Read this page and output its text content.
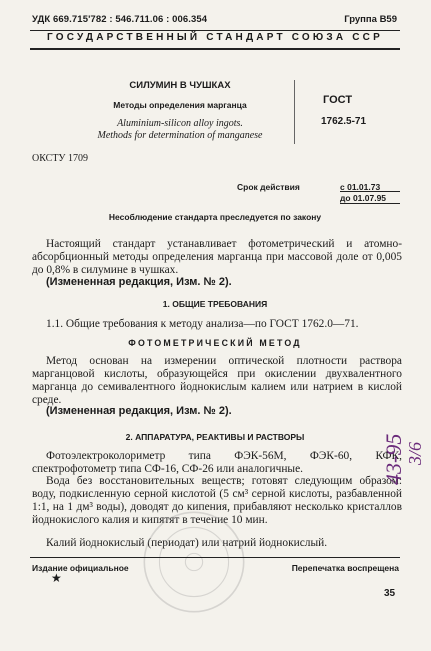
УДК 669.715'782 : 546.711.06 : 006.354	Группа В59
ГОСУДАРСТВЕННЫЙ СТАНДАРТ СОЮЗА ССР
СИЛУМИН В ЧУШКАХ
Методы определения марганца
Aluminium-silicon alloy ingots.
Methods for determination of manganese
ГОСТ
1762.5-71
ОКСТУ 1709
Срок действия	с 01.01.73
до 01.07.95
Несоблюдение стандарта преследуется по закону
Настоящий стандарт устанавливает фотометрический и атомно-абсорбционный методы определения марганца при массовой доле от 0,005 до 0,8% в силумине в чушках.
(Измененная редакция, Изм. № 2).
1. ОБЩИЕ ТРЕБОВАНИЯ
1.1. Общие требования к методу анализа—по ГОСТ 1762.0—71.
ФОТОМЕТРИЧЕСКИЙ МЕТОД
Метод основан на измерении оптической плотности раствора марганцовой кислоты, образующейся при окислении двухвалентного марганца до семивалентного йоднокислым калием или натрием в кислой среде.
(Измененная редакция, Изм. № 2).
2. АППАРАТУРА, РЕАКТИВЫ И РАСТВОРЫ
Фотоэлектроколориметр типа ФЭК-56М, ФЭК-60, КФК, спектрофотометр типа СФ-16, СФ-26 или аналогичные.
Вода без восстановительных веществ; готовят следующим образом: воду, подкисленную серной кислотой (5 см³ серной кислоты, разбавленной 1:1, на 1 дм³ воды), доводят до кипения, прибавляют несколько кристаллов йоднокислого калия и кипятят в течение 10 мин.
Калий йоднокислый (периодат) или натрий йоднокислый.
Издание официальное	Перепечатка воспрещена
★
35
43-95 3/6
